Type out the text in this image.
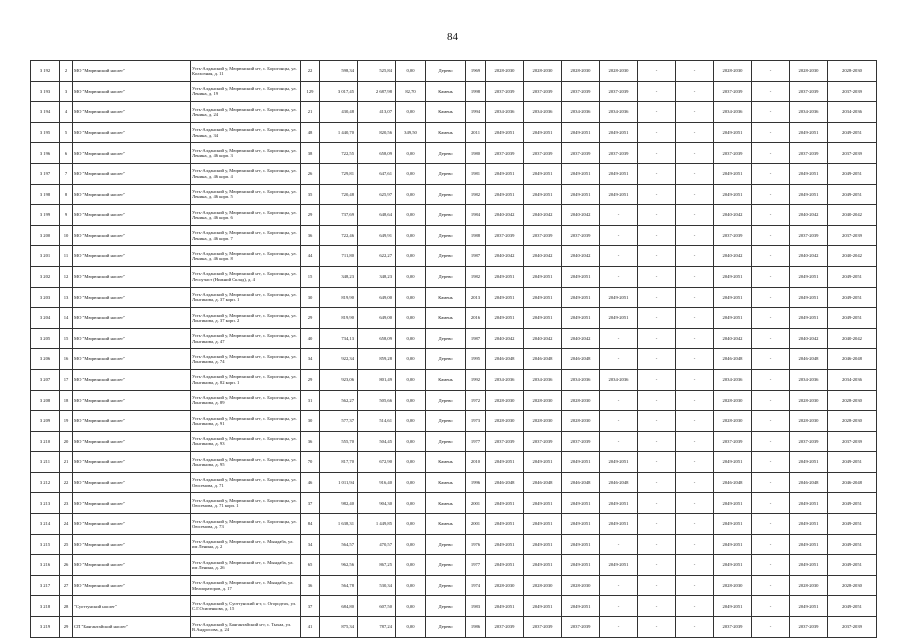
84
3 192	2	МО "Мюрюнский наслег"	Усть-Алданский у, Мюрюнский н-г, с. Борогонцы, ул. Колхозная, д. 11	22	598,34	525,84	0,00	Дерево	1969	2028-2030	2028-2030	2028-2030	2028-2030	-	-	2028-2030	-	2028-2030	2028-2030
3 193	3	МО "Мюрюнский наслег"	Усть-Алданский у, Мюрюнский н-г, с. Борогонцы, ул. Ленина, д. 19	129	3 017,45	2 687,98	82,70	Камень	1998	2037-2039	2037-2039	2037-2039	2037-2039	-	-	2037-2039	-	2037-2039	2037-2039
3 194	4	МО "Мюрюнский наслег"	Усть-Алданский у, Мюрюнский н-г, с. Борогонцы, ул. Ленина, д. 24	21	430,48	413,07	0,00	Камень	1994	2034-2036	2034-2036	2034-2036	2034-2036	-	-	2034-2036	-	2034-2036	2034-2036
3 195	5	МО "Мюрюнский наслег"	Усть-Алданский у, Мюрюнский н-г, с. Борогонцы, ул. Ленина, д. 34	48	1 440,70	820,56	349,50	Камень	2011	2049-2051	2049-2051	2049-2051	2049-2051	-	-	2049-2051	-	2049-2051	2049-2051
3 196	6	МО "Мюрюнский наслег"	Усть-Алданский у, Мюрюнский н-г, с. Борогонцы, ул. Ленина, д. 46 корп. 3	38	722,55	658,09	0,00	Дерево	1980	2037-2039	2037-2039	2037-2039	2037-2039	-	-	2037-2039	-	2037-2039	2037-2039
3 197	7	МО "Мюрюнский наслег"	Усть-Алданский у, Мюрюнский н-г, с. Борогонцы, ул. Ленина, д. 46 корп. 4	26	729,81	647,61	0,00	Дерево	1981	2049-2051	2049-2051	2049-2051	2049-2051	-	-	2049-2051	-	2049-2051	2049-2051
3 198	8	МО "Мюрюнский наслег"	Усть-Алданский у, Мюрюнский н-г, с. Борогонцы, ул. Ленина, д. 46 корп. 5	35	720,48	625,97	0,00	Дерево	1982	2049-2051	2049-2051	2049-2051	2049-2051	-	-	2049-2051	-	2049-2051	2049-2051
3 199	9	МО "Мюрюнский наслег"	Усть-Алданский у, Мюрюнский н-г, с. Борогонцы, ул. Ленина, д. 46 корп. 6	29	737,69	648,64	0,00	Дерево	1984	2040-2042	2040-2042	2040-2042	-	-	-	2040-2042	-	2040-2042	2040-2042
3 200	10	МО "Мюрюнский наслег"	Усть-Алданский у, Мюрюнский н-г, с. Борогонцы, ул. Ленина, д. 46 корп. 7	36	722,46	649,91	0,00	Дерево	1988	2037-2039	2037-2039	2037-2039	-	-	-	2037-2039	-	2037-2039	2037-2039
3 201	11	МО "Мюрюнский наслег"	Усть-Алданский у, Мюрюнский н-г, с. Борогонцы, ул. Ленина, д. 46 корп. 8	44	711,80	622,27	0,00	Дерево	1987	2040-2042	2040-2042	2040-2042	-	-	-	2040-2042	-	2040-2042	2040-2042
3 202	12	МО "Мюрюнский наслег"	Усть-Алданский у, Мюрюнский н-г, с. Борогонцы, ул. Лесоучаст (Нижний Склад), д. 4	15	348,23	348,23	0,00	Дерево	1982	2049-2051	2049-2051	2049-2051	-	-	-	2049-2051	-	2049-2051	2049-2051
3 203	13	МО "Мюрюнский наслег"	Усть-Алданский у, Мюрюнский н-г, с. Борогонцы, ул. Лонгинова, д. 37 корп. 1	30	819,90	649,00	0,00	Камень	2013	2049-2051	2049-2051	2049-2051	2049-2051	-	-	2049-2051	-	2049-2051	2049-2051
3 204	14	МО "Мюрюнский наслег"	Усть-Алданский у, Мюрюнский н-г, с. Борогонцы, ул. Лонгинова, д. 37 корп. 2	29	819,90	649,00	0,00	Камень	2016	2049-2051	2049-2051	2049-2051	2049-2051	-	-	2049-2051	-	2049-2051	2049-2051
3 205	15	МО "Мюрюнский наслег"	Усть-Алданский у, Мюрюнский н-г, с. Борогонцы, ул. Лонгинова, д. 47	40	734,13	658,09	0,00	Дерево	1987	2040-2042	2040-2042	2040-2042	-	-	-	2040-2042	-	2040-2042	2040-2042
3 206	16	МО "Мюрюнский наслег"	Усть-Алданский у, Мюрюнский н-г, с. Борогонцы, ул. Лонгинова, д. 74	34	922,34	859,28	0,00	Дерево	1995	2046-2048	2046-2048	2046-2048	-	-	-	2046-2048	-	2046-2048	2046-2048
3 207	17	МО "Мюрюнский наслег"	Усть-Алданский у, Мюрюнский н-г, с. Борогонцы, ул. Лонгинова, д. 82 корп. 1	29	923,06	801,49	0,00	Камень	1992	2034-2036	2034-2036	2034-2036	2034-2036	-	-	2034-2036	-	2034-2036	2034-2036
3 208	18	МО "Мюрюнский наслег"	Усть-Алданский у, Мюрюнский н-г, с. Борогонцы, ул. Лонгинова, д. 89	31	562,27	505,66	0,00	Дерево	1972	2028-2030	2028-2030	2028-2030	-	-	-	2028-2030	-	2028-2030	2028-2030
3 209	19	МО "Мюрюнский наслег"	Усть-Алданский у, Мюрюнский н-г, с. Борогонцы, ул. Лонгинова, д. 91	30	577,37	514,61	0,00	Дерево	1973	2028-2030	2028-2030	2028-2030	-	-	-	2028-2030	-	2028-2030	2028-2030
3 210	20	МО "Мюрюнский наслег"	Усть-Алданский у, Мюрюнский н-г, с. Борогонцы, ул. Лонгинова, д. 93	36	555,70	504,45	0,00	Дерево	1977	2037-2039	2037-2039	2037-2039	-	-	-	2037-2039	-	2037-2039	2037-2039
3 211	21	МО "Мюрюнский наслег"	Усть-Алданский у, Мюрюнский н-г, с. Борогонцы, ул. Лонгинова, д. 95	70	817,70	672,90	0,00	Камень	2010	2049-2051	2049-2051	2049-2051	2049-2051	-	-	2049-2051	-	2049-2051	2049-2051
3 212	22	МО "Мюрюнский наслег"	Усть-Алданский у, Мюрюнский н-г, с. Борогонцы, ул. Оюсемова, д. 71	46	1 011,94	916,40	0,00	Камень	1996	2046-2048	2046-2048	2046-2048	2046-2048	-	-	2046-2048	-	2046-2048	2046-2048
3 213	23	МО "Мюрюнский наслег"	Усть-Алданский у, Мюрюнский н-г, с. Борогонцы, ул. Оюсемова, д. 71 корп. 1	37	982,40	904,30	0,00	Камень	2001	2049-2051	2049-2051	2049-2051	2049-2051	-	-	2049-2051	-	2049-2051	2049-2051
3 214	24	МО "Мюрюнский наслег"	Усть-Алданский у, Мюрюнский н-г, с. Борогонцы, ул. Оюсемова, д. 73	84	1 638,31	1 449,85	0,00	Камень	2001	2049-2051	2049-2051	2049-2051	2049-2051	-	-	2049-2051	-	2049-2051	2049-2051
3 215	25	МО "Мюрюнский наслег"	Усть-Алданский у, Мюрюнский н-г, с. Мындаба, ул. им Ленина, д. 2	34	564,57	470,57	0,00	Дерево	1976	2049-2051	2049-2051	2049-2051	-	-	-	2049-2051	-	2049-2051	2049-2051
3 216	26	МО "Мюрюнский наслег"	Усть-Алданский у, Мюрюнский н-г, с. Мындаба, ул. им Ленина, д. 26	65	962,56	867,25	0,00	Дерево	1977	2049-2051	2049-2051	2049-2051	2049-2051	-	-	2049-2051	-	2049-2051	2049-2051
3 217	27	МО "Мюрюнский наслег"	Усть-Алданский у, Мюрюнский н-г, с. Мындаба, ул. Мелиораторов, д. 17	36	564,78	530,34	0,00	Дерево	1974	2028-2030	2028-2030	2028-2030	-	-	-	2028-2030	-	2028-2030	2028-2030
3 218	28	"Суоттунский наслег"	Усть-Алданский у, Суоттунский н-г, с. Огородтах, ул. С.Г.Осипенкова, д. 15	37	684,80	607,50	0,00	Дерево	1983	2049-2051	2049-2051	2049-2051	-	-	-	2049-2051	-	2049-2051	2049-2051
3 219	29	СП "Баягантайский наслег"	Усть-Алданский у, Баягантайский н-г, с. Тыхаа, ул. В.Андросова, д. 24	41	875,34	787,24	0,00	Дерево	1986	2037-2039	2037-2039	2037-2039	-	-	-	2037-2039	-	2037-2039	2037-2039
